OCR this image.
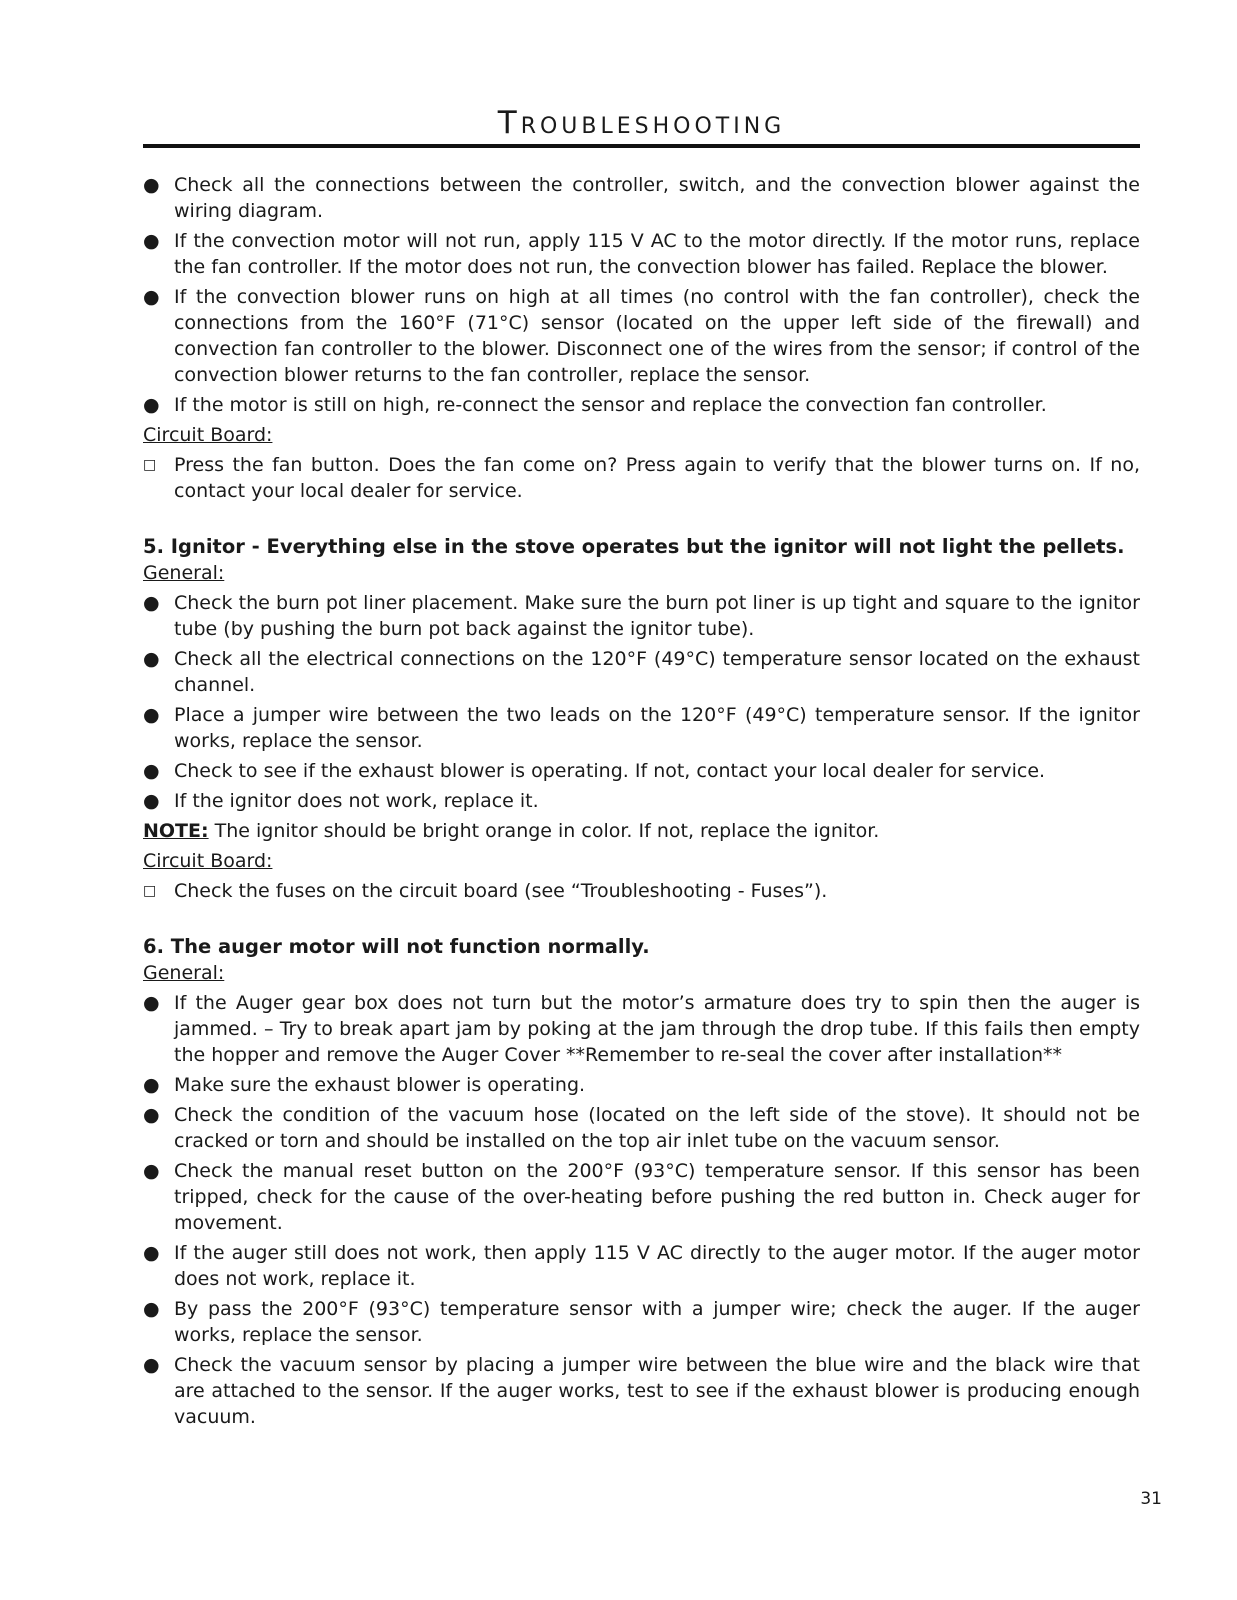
Troubleshooting
● Check all the connections between the controller, switch, and the convection blower against the wiring diagram.
● If the convection motor will not run, apply 115 V AC to the motor directly. If the motor runs, replace the fan controller. If the motor does not run, the convection blower has failed. Replace the blower.
● If the convection blower runs on high at all times (no control with the fan controller), check the connections from the 160°F (71°C) sensor (located on the upper left side of the firewall) and convection fan controller to the blower. Disconnect one of the wires from the sensor; if control of the convection blower returns to the fan controller, replace the sensor.
● If the motor is still on high, re-connect the sensor and replace the convection fan controller.
Circuit Board:
□ Press the fan button. Does the fan come on? Press again to verify that the blower turns on. If no, contact your local dealer for service.
5. Ignitor - Everything else in the stove operates but the ignitor will not light the pellets.
General:
● Check the burn pot liner placement. Make sure the burn pot liner is up tight and square to the ignitor tube (by pushing the burn pot back against the ignitor tube).
● Check all the electrical connections on the 120°F (49°C) temperature sensor located on the exhaust channel.
● Place a jumper wire between the two leads on the 120°F (49°C) temperature sensor. If the ignitor works, replace the sensor.
● Check to see if the exhaust blower is operating. If not, contact your local dealer for service.
● If the ignitor does not work, replace it.
NOTE: The ignitor should be bright orange in color. If not, replace the ignitor.
Circuit Board:
□ Check the fuses on the circuit board (see “Troubleshooting - Fuses”).
6. The auger motor will not function normally.
General:
● If the Auger gear box does not turn but the motor’s armature does try to spin then the auger is jammed. – Try to break apart jam by poking at the jam through the drop tube. If this fails then empty the hopper and remove the Auger Cover **Remember to re-seal the cover after installation**
● Make sure the exhaust blower is operating.
● Check the condition of the vacuum hose (located on the left side of the stove). It should not be cracked or torn and should be installed on the top air inlet tube on the vacuum sensor.
● Check the manual reset button on the 200°F (93°C) temperature sensor. If this sensor has been tripped, check for the cause of the over-heating before pushing the red button in. Check auger for movement.
● If the auger still does not work, then apply 115 V AC directly to the auger motor. If the auger motor does not work, replace it.
● By pass the 200°F (93°C) temperature sensor with a jumper wire; check the auger. If the auger works, replace the sensor.
● Check the vacuum sensor by placing a jumper wire between the blue wire and the black wire that are attached to the sensor. If the auger works, test to see if the exhaust blower is producing enough vacuum.
31
